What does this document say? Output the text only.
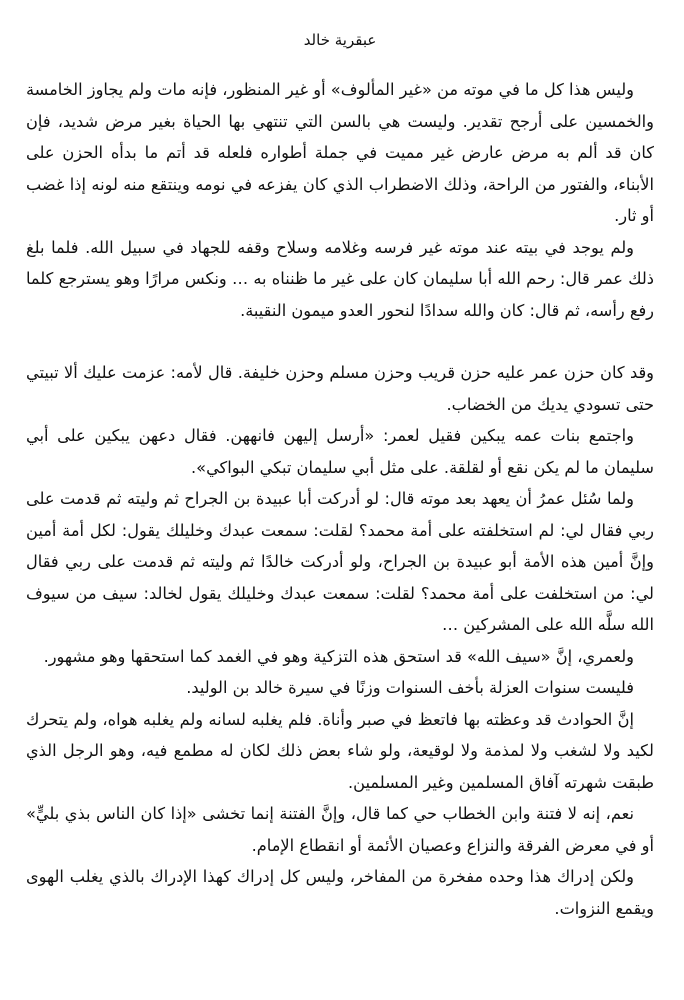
عبقرية خالد

وليس هذا كل ما في موته من «غير المألوف» أو غير المنظور، فإنه مات ولم يجاوز الخامسة والخمسين على أرجح تقدير. وليست هي بالسن التي تنتهي بها الحياة بغير مرض شديد، فإن كان قد ألم به مرض عارض غير مميت في جملة أطواره فلعله قد أتم ما بدأه الحزن على الأبناء، والفتور من الراحة، وذلك الاضطراب الذي كان يفزعه في نومه وينتقع منه لونه إذا غضب أو ثار.

ولم يوجد في بيته عند موته غير فرسه وغلامه وسلاح وقفه للجهاد في سبيل الله. فلما بلغ ذلك عمر قال: رحم الله أبا سليمان كان على غير ما ظنناه به … ونكس مرارًا وهو يسترجع كلما رفع رأسه، ثم قال: كان والله سدادًا لنحور العدو ميمون النقيبة.

وقد كان حزن عمر عليه حزن قريب وحزن مسلم وحزن خليفة. قال لأمه: عزمت عليك ألا تبيتي حتى تسودي يديك من الخضاب.

واجتمع بنات عمه يبكين فقيل لعمر: «أرسل إليهن فانههن. فقال دعهن يبكين على أبي سليمان ما لم يكن نقع أو لقلقة. على مثل أبي سليمان تبكي البواكي».

ولما سُئل عمرُ أن يعهد بعد موته قال: لو أدركت أبا عبيدة بن الجراح ثم وليته ثم قدمت على ربي فقال لي: لم استخلفته على أمة محمد؟ لقلت: سمعت عبدك وخليلك يقول: لكل أمة أمين وإنَّ أمين هذه الأمة أبو عبيدة بن الجراح، ولو أدركت خالدًا ثم وليته ثم قدمت على ربي فقال لي: من استخلفت على أمة محمد؟ لقلت: سمعت عبدك وخليلك يقول لخالد: سيف من سيوف الله سلَّه الله على المشركين …

ولعمري، إنَّ «سيف الله» قد استحق هذه التزكية وهو في الغمد كما استحقها وهو مشهور.

فليست سنوات العزلة بأخف السنوات وزنًا في سيرة خالد بن الوليد.

إنَّ الحوادث قد وعظته بها فاتعظ في صبر وأناة. فلم يغلبه لسانه ولم يغلبه هواه، ولم يتحرك لكيد ولا لشغب ولا لمذمة ولا لوقيعة، ولو شاء بعض ذلك لكان له مطمع فيه، وهو الرجل الذي طبقت شهرته آفاق المسلمين وغير المسلمين.

نعم، إنه لا فتنة وابن الخطاب حي كما قال، وإنَّ الفتنة إنما تخشى «إذا كان الناس بذي بليٍّ» أو في معرض الفرقة والنزاع وعصيان الأئمة أو انقطاع الإمام.

ولكن إدراك هذا وحده مفخرة من المفاخر، وليس كل إدراك كهذا الإدراك بالذي يغلب الهوى ويقمع النزوات.
